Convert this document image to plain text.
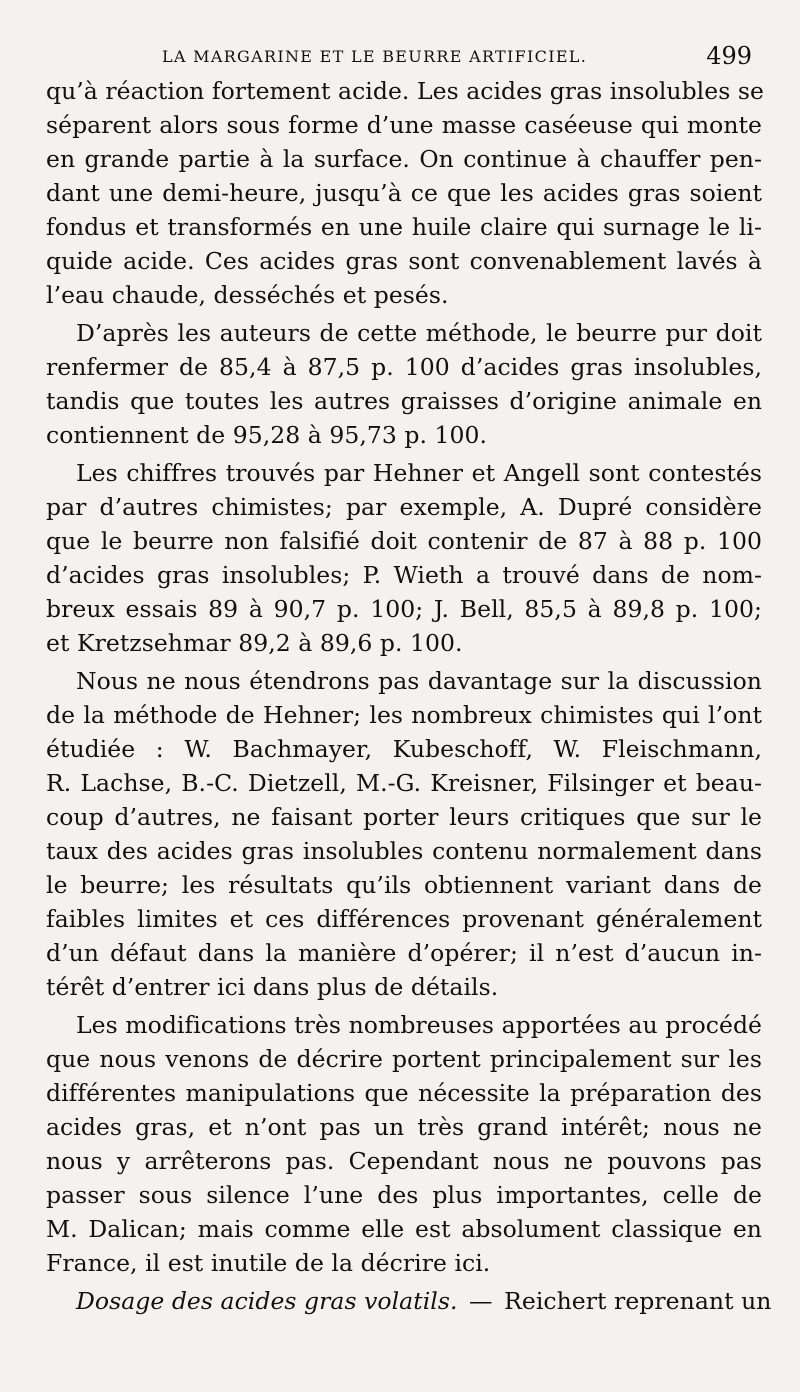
LA MARGARINE ET LE BEURRE ARTIFICIEL.	499
qu’à réaction fortement acide. Les acides gras insolubles se
séparent alors sous forme d’une masse caséeuse qui monte
en grande partie à la surface. On continue à chauffer pen-
dant une demi-heure, jusqu’à ce que les acides gras soient
fondus et transformés en une huile claire qui surnage le li-
quide acide. Ces acides gras sont convenablement lavés à
l’eau chaude, desséchés et pesés.
D’après les auteurs de cette méthode, le beurre pur doit
renfermer de 85,4 à 87,5 p. 100 d’acides gras insolubles,
tandis que toutes les autres graisses d’origine animale en
contiennent de 95,28 à 95,73 p. 100.
Les chiffres trouvés par Hehner et Angell sont contestés
par d’autres chimistes; par exemple, A. Dupré considère
que le beurre non falsifié doit contenir de 87 à 88 p. 100
d’acides gras insolubles; P. Wieth a trouvé dans de nom-
breux essais 89 à 90,7 p. 100; J. Bell, 85,5 à 89,8 p. 100;
et Kretzsehmar 89,2 à 89,6 p. 100.
Nous ne nous étendrons pas davantage sur la discussion
de la méthode de Hehner; les nombreux chimistes qui l’ont
étudiée : W. Bachmayer, Kubeschoff, W. Fleischmann,
R. Lachse, B.-C. Dietzell, M.-G. Kreisner, Filsinger et beau-
coup d’autres, ne faisant porter leurs critiques que sur le
taux des acides gras insolubles contenu normalement dans
le beurre; les résultats qu’ils obtiennent variant dans de
faibles limites et ces différences provenant généralement
d’un défaut dans la manière d’opérer; il n’est d’aucun in-
térêt d’entrer ici dans plus de détails.
Les modifications très nombreuses apportées au procédé
que nous venons de décrire portent principalement sur les
différentes manipulations que nécessite la préparation des
acides gras, et n’ont pas un très grand intérêt; nous ne
nous y arrêterons pas. Cependant nous ne pouvons pas
passer sous silence l’une des plus importantes, celle de
M. Dalican; mais comme elle est absolument classique en
France, il est inutile de la décrire ici.
Dosage des acides gras volatils. — Reichert reprenant un
